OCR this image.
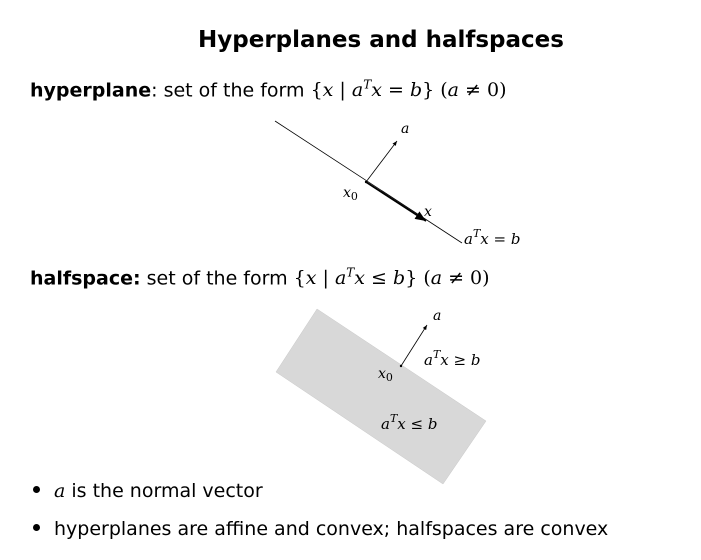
Hyperplanes and halfspaces
hyperplane: set of the form {x | $a^Tx = b$} (a ≠ 0)
a
$x_0$
x
$a^Tx = b$
a
$x_0$
$a^Tx \ge b$
$a^Tx \le b$
halfspace: set of the form {x | $a^Tx \le b$} (a ≠ 0)
a is the normal vector
hyperplanes are affine and convex; halfspaces are convex
